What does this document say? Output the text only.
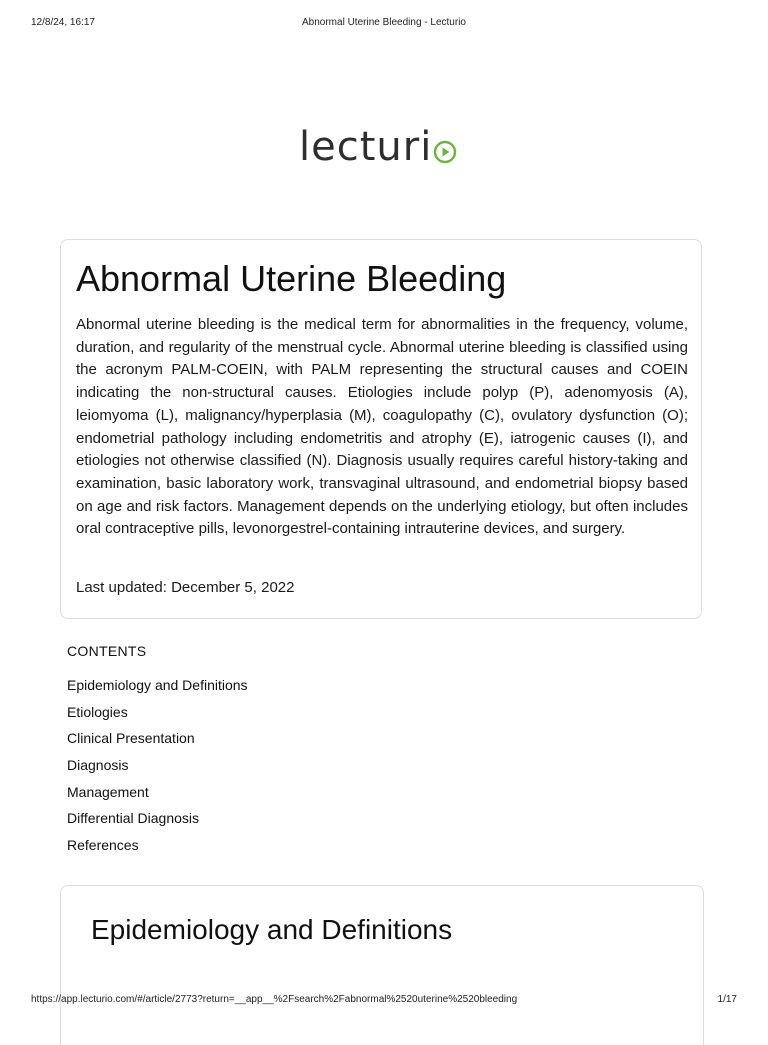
12/8/24, 16:17	Abnormal Uterine Bleeding - Lecturio
lecturi
Abnormal Uterine Bleeding

Abnormal uterine bleeding is the medical term for abnormalities in the frequency, volume, duration, and regularity of the menstrual cycle. Abnormal uterine bleeding is classified using the acronym PALM-COEIN, with PALM representing the structural causes and COEIN indicating the non-structural causes. Etiologies include polyp (P), adenomyosis (A), leiomyoma (L), malignancy/hyperplasia (M), coagulopathy (C), ovulatory dysfunction (O); endometrial pathology including endometritis and atrophy (E), iatrogenic causes (I), and etiologies not otherwise classified (N). Diagnosis usually requires careful history-taking and examination, basic laboratory work, transvaginal ultrasound, and endometrial biopsy based on age and risk factors. Management depends on the underlying etiology, but often includes oral contraceptive pills, levonorgestrel-containing intrauterine devices, and surgery.

Last updated: December 5, 2022
CONTENTS
Epidemiology and Definitions
Etiologies
Clinical Presentation
Diagnosis
Management
Differential Diagnosis
References
Epidemiology and Definitions
https://app.lecturio.com/#/article/2773?return=__app__%2Fsearch%2Fabnormal%2520uterine%2520bleeding	1/17
